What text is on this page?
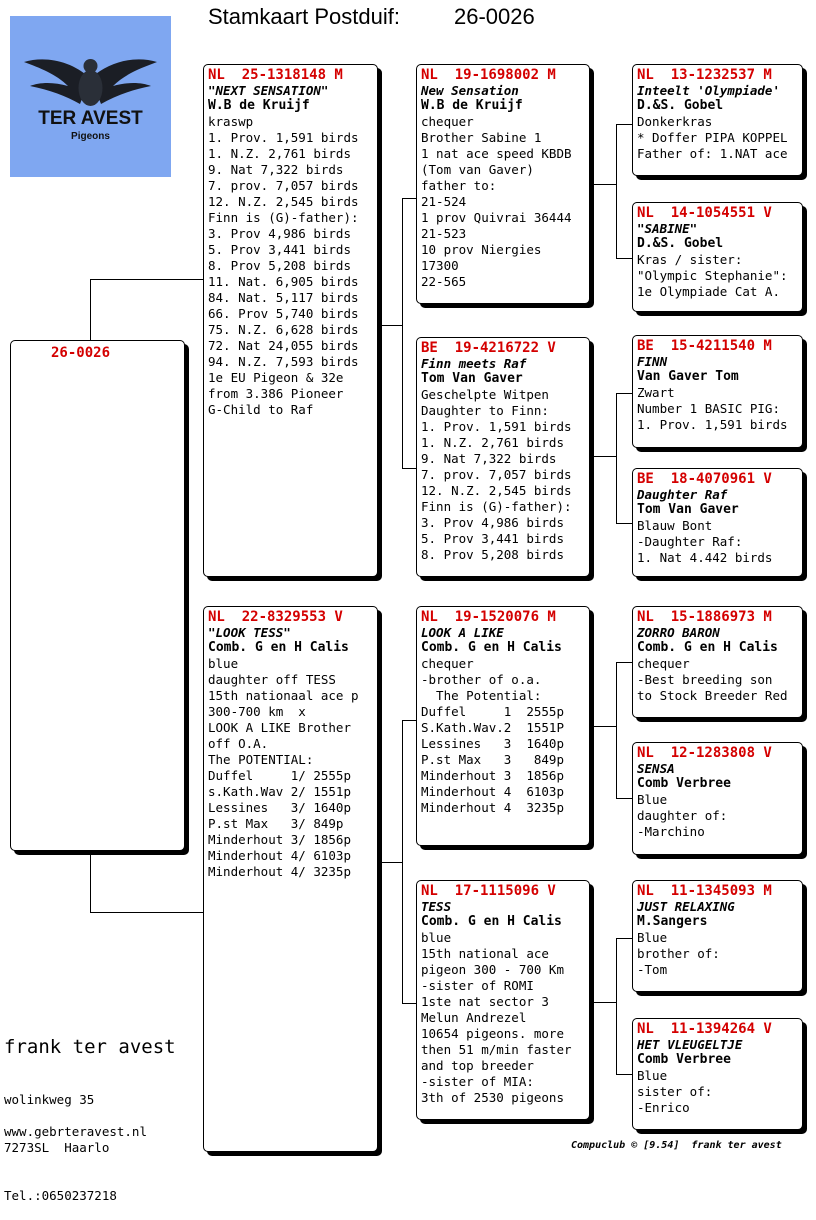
Stamkaart Postduif: 26-0026
TER AVEST
Pigeons
26-0026
NL  25-1318148 M
"NEXT SENSATION"
W.B de Kruijf
kraswp
1. Prov. 1,591 birds
1. N.Z. 2,761 birds
9. Nat 7,322 birds
7. prov. 7,057 birds
12. N.Z. 2,545 birds
Finn is (G)-father):
3. Prov 4,986 birds
5. Prov 3,441 birds
8. Prov 5,208 birds
11. Nat. 6,905 birds
84. Nat. 5,117 birds
66. Prov 5,740 birds
75. N.Z. 6,628 birds
72. Nat 24,055 birds
94. N.Z. 7,593 birds
1e EU Pigeon & 32e
from 3.386 Pioneer
G-Child to Raf
NL  22-8329553 V
"LOOK TESS"
Comb. G en H Calis
blue
daughter off TESS
15th nationaal ace p
300-700 km  x
LOOK A LIKE Brother
off O.A.
The POTENTIAL:
Duffel     1/ 2555p
s.Kath.Wav 2/ 1551p
Lessines   3/ 1640p
P.st Max   3/ 849p
Minderhout 3/ 1856p
Minderhout 4/ 6103p
Minderhout 4/ 3235p
NL  19-1698002 M
New Sensation
W.B de Kruijf
chequer
Brother Sabine 1
1 nat ace speed KBDB
(Tom van Gaver)
father to:
21-524
1 prov Quivrai 36444
21-523
10 prov Niergies
17300
22-565
BE  19-4216722 V
Finn meets Raf
Tom Van Gaver
Geschelpte Witpen
Daughter to Finn:
1. Prov. 1,591 birds
1. N.Z. 2,761 birds
9. Nat 7,322 birds
7. prov. 7,057 birds
12. N.Z. 2,545 birds
Finn is (G)-father):
3. Prov 4,986 birds
5. Prov 3,441 birds
8. Prov 5,208 birds
NL  19-1520076 M
LOOK A LIKE
Comb. G en H Calis
chequer
-brother of o.a.
The Potential:
Duffel     1  2555p
S.Kath.Wav.2  1551P
Lessines   3  1640p
P.st Max   3   849p
Minderhout 3  1856p
Minderhout 4  6103p
Minderhout 4  3235p
NL  17-1115096 V
TESS
Comb. G en H Calis
blue
15th national ace
pigeon 300 - 700 Km
-sister of ROMI
1ste nat sector 3
Melun Andrezel
10654 pigeons. more
then 51 m/min faster
and top breeder
-sister of MIA:
3th of 2530 pigeons
NL  13-1232537 M
Inteelt 'Olympiade'
D.&S. Gobel
Donkerkras
* Doffer PIPA KOPPEL
Father of: 1.NAT ace
NL  14-1054551 V
"SABINE"
D.&S. Gobel
Kras / sister:
"Olympic Stephanie":
1e Olympiade Cat A.
BE  15-4211540 M
FINN
Van Gaver Tom
Zwart
Number 1 BASIC PIG:
1. Prov. 1,591 birds
BE  18-4070961 V
Daughter Raf
Tom Van Gaver
Blauw Bont
-Daughter Raf:
1. Nat 4.442 birds
NL  15-1886973 M
ZORRO BARON
Comb. G en H Calis
chequer
-Best breeding son
to Stock Breeder Red
NL  12-1283808 V
SENSA
Comb Verbree
Blue
daughter of:
-Marchino
NL  11-1345093 M
JUST RELAXING
M.Sangers
Blue
brother of:
-Tom
NL  11-1394264 V
HET VLEUGELTJE
Comb Verbree
Blue
sister of:
-Enrico
frank ter avest

wolinkweg 35

7273SL  Haarlo

Tel.:0650237218

www.gebrteravest.nl
Compuclub © [9.54]  frank ter avest
